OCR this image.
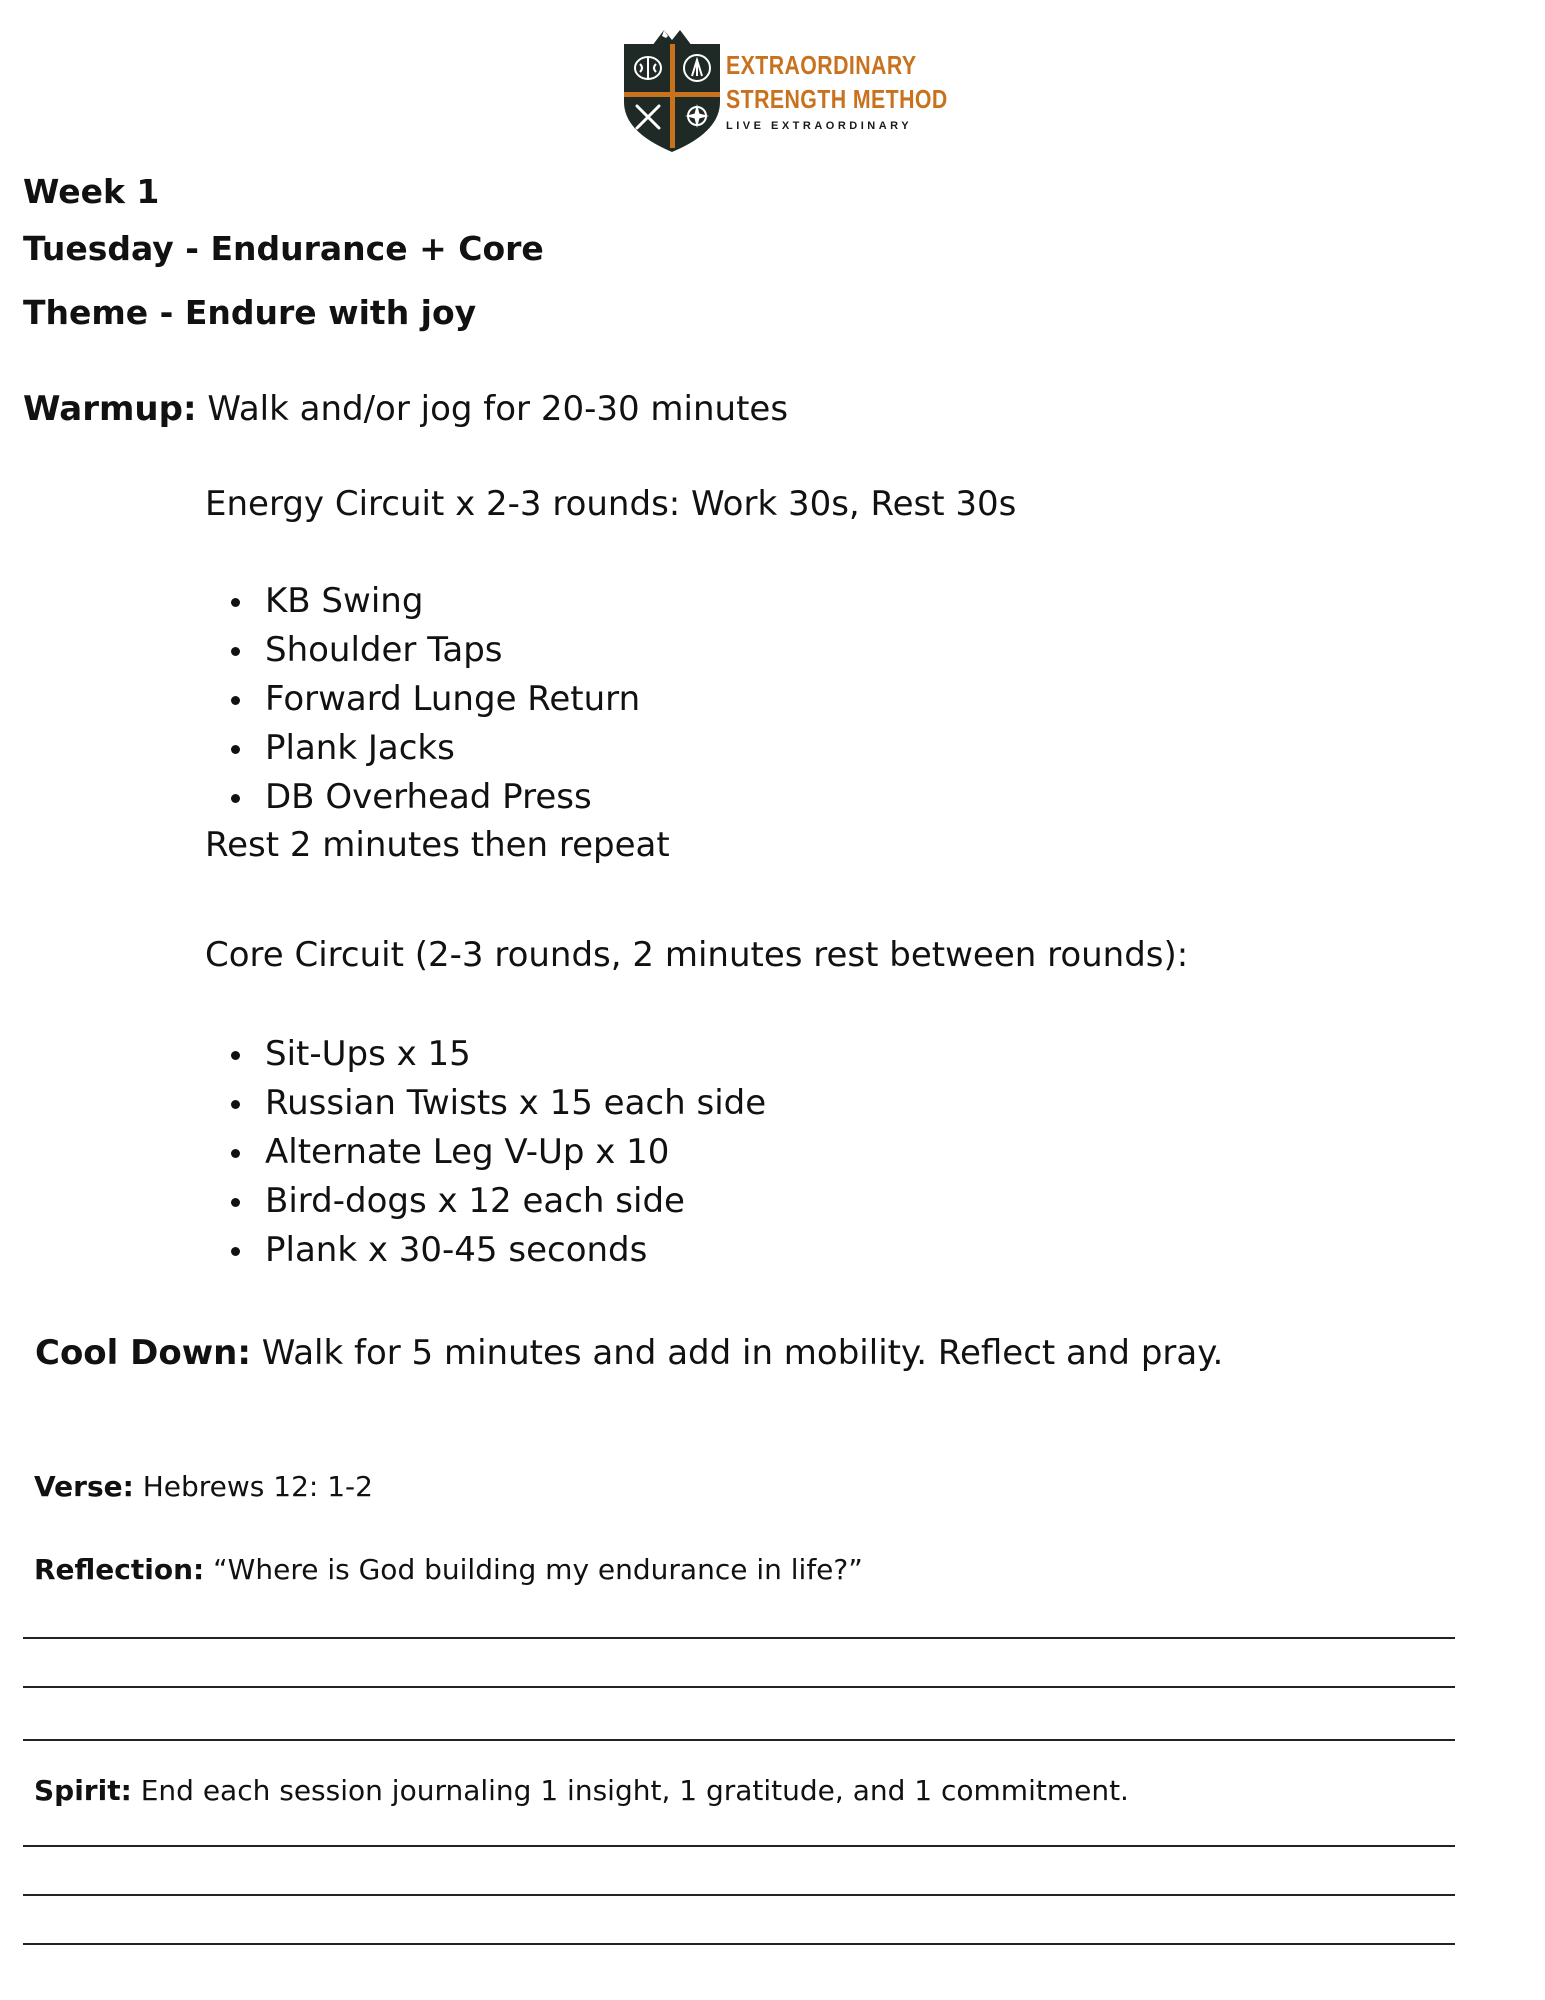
EXTRAORDINARY
STRENGTH METHOD
LIVE EXTRAORDINARY
Week 1
Tuesday - Endurance + Core
Theme - Endure with joy
Warmup: Walk and/or jog for 20-30 minutes
Energy Circuit x 2-3 rounds: Work 30s, Rest 30s
KB Swing
Shoulder Taps
Forward Lunge Return
Plank Jacks
DB Overhead Press
Rest 2 minutes then repeat
Core Circuit (2-3 rounds, 2 minutes rest between rounds):
Sit-Ups x 15
Russian Twists x 15 each side
Alternate Leg V-Up x 10
Bird-dogs x 12 each side
Plank x 30-45 seconds
Cool Down: Walk for 5 minutes and add in mobility. Reflect and pray.
Verse: Hebrews 12: 1-2
Reflection: “Where is God building my endurance in life?”
Spirit: End each session journaling 1 insight, 1 gratitude, and 1 commitment.
